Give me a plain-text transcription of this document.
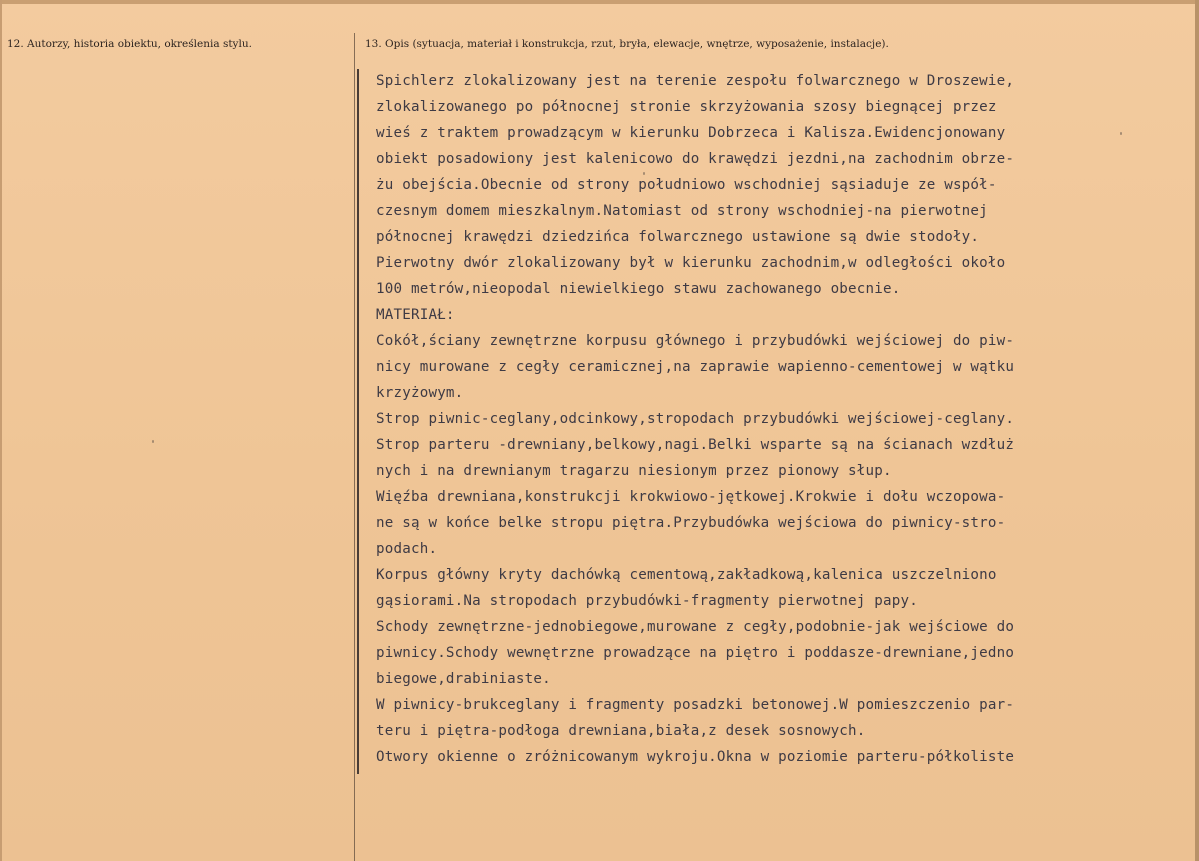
12. Autorzy, historia obiektu, określenia stylu.	13. Opis (sytuacja, materiał i konstrukcja, rzut, bryła, elewacje, wnętrze, wyposażenie, instalacje).
Spichlerz zlokalizowany jest na terenie zespołu folwarcznego w Droszewie,
zlokalizowanego po północnej stronie skrzyżowania szosy biegnącej przez
wieś z traktem prowadzącym w kierunku Dobrzeca i Kalisza.Ewidencjonowany
obiekt posadowiony jest kalenicowo do krawędzi jezdni,na zachodnim obrze-
żu obejścia.Obecnie od strony południowo wschodniej sąsiaduje ze współ-
czesnym domem mieszkalnym.Natomiast od strony wschodniej-na pierwotnej
północnej krawędzi dziedzińca folwarcznego ustawione są dwie stodoły.
Pierwotny dwór zlokalizowany był w kierunku zachodnim,w odległości około
100 metrów,nieopodal niewielkiego stawu zachowanego obecnie.
MATERIAŁ:
Cokół,ściany zewnętrzne korpusu głównego i przybudówki wejściowej do piw-
nicy murowane z cegły ceramicznej,na zaprawie wapienno-cementowej w wątku
krzyżowym.
Strop piwnic-ceglany,odcinkowy,stropodach przybudówki wejściowej-ceglany.
Strop parteru -drewniany,belkowy,nagi.Belki wsparte są na ścianach wzdłuż
nych i na drewnianym tragarzu niesionym przez pionowy słup.
Więźba drewniana,konstrukcji krokwiowo-jętkowej.Krokwie i dołu wczopowa-
ne są w końce belke stropu piętra.Przybudówka wejściowa do piwnicy-stro-
podach.
Korpus główny kryty dachówką cementową,zakładkową,kalenica uszczelniono
gąsiorami.Na stropodach przybudówki-fragmenty pierwotnej papy.
Schody zewnętrzne-jednobiegowe,murowane z cegły,podobnie-jak wejściowe do
piwnicy.Schody wewnętrzne prowadzące na piętro i poddasze-drewniane,jedno
biegowe,drabiniaste.
W piwnicy-brukceglany i fragmenty posadzki betonowej.W pomieszczenio par-
teru i piętra-podłoga drewniana,biała,z desek sosnowych.
Otwory okienne o zróżnicowanym wykroju.Okna w poziomie parteru-półkoliste
